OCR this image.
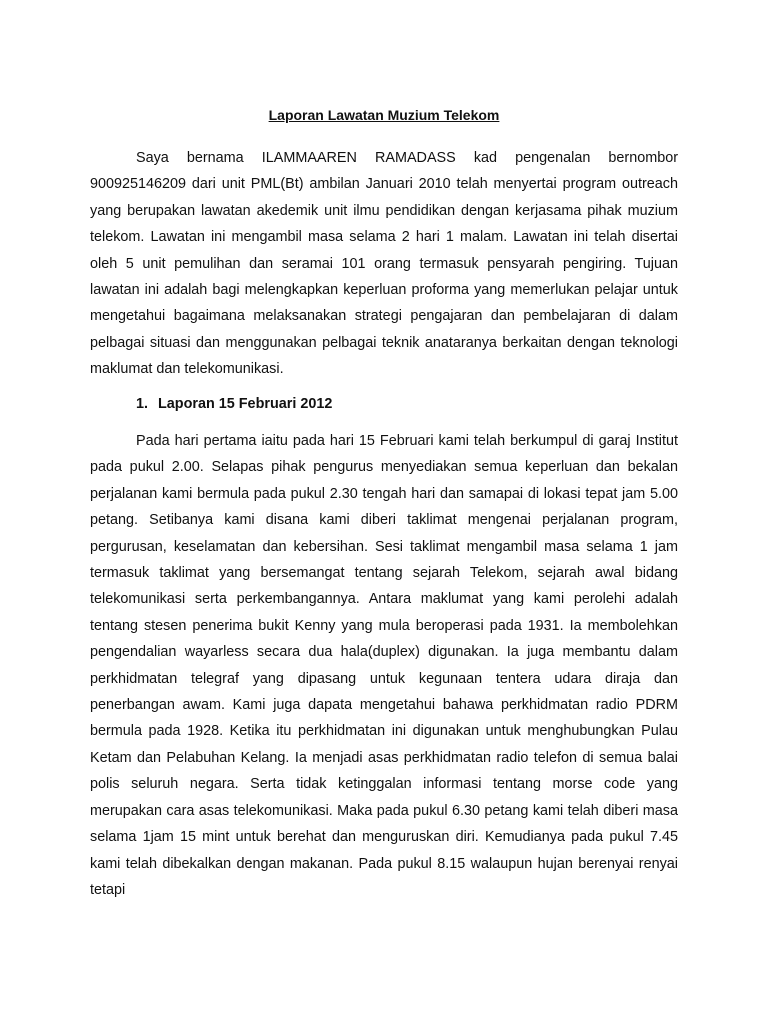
Laporan Lawatan Muzium Telekom

Saya bernama ILAMMAAREN RAMADASS kad pengenalan bernombor 900925146209 dari unit PML(Bt) ambilan Januari 2010 telah menyertai program outreach yang berupakan lawatan akedemik unit ilmu pendidikan dengan kerjasama pihak muzium telekom. Lawatan ini mengambil masa selama 2 hari 1 malam. Lawatan ini telah disertai oleh 5 unit pemulihan dan seramai 101 orang termasuk pensyarah pengiring. Tujuan lawatan ini adalah bagi melengkapkan keperluan proforma yang memerlukan pelajar untuk mengetahui bagaimana melaksanakan strategi pengajaran dan pembelajaran di dalam pelbagai situasi dan menggunakan pelbagai teknik anataranya berkaitan dengan teknologi maklumat dan telekomunikasi.

1. Laporan 15 Februari 2012

Pada hari pertama iaitu pada hari 15 Februari kami telah berkumpul di garaj Institut pada pukul 2.00. Selapas pihak pengurus menyediakan semua keperluan dan bekalan perjalanan kami bermula pada pukul 2.30 tengah hari dan samapai di lokasi tepat jam 5.00 petang. Setibanya kami disana kami diberi taklimat mengenai perjalanan program, pergurusan, keselamatan dan kebersihan. Sesi taklimat mengambil masa selama 1 jam termasuk taklimat yang bersemangat tentang sejarah Telekom, sejarah awal bidang telekomunikasi serta perkembangannya. Antara maklumat yang kami perolehi adalah tentang stesen penerima bukit Kenny yang mula beroperasi pada 1931. Ia membolehkan pengendalian wayarless secara dua hala(duplex) digunakan. Ia juga membantu dalam perkhidmatan telegraf yang dipasang untuk kegunaan tentera udara diraja dan penerbangan awam. Kami juga dapata mengetahui bahawa perkhidmatan radio PDRM bermula pada 1928. Ketika itu perkhidmatan ini digunakan untuk menghubungkan Pulau Ketam dan Pelabuhan Kelang. Ia menjadi asas perkhidmatan radio telefon di semua balai polis seluruh negara. Serta tidak ketinggalan informasi tentang morse code yang merupakan cara asas telekomunikasi. Maka pada pukul 6.30 petang kami telah diberi masa selama 1jam 15 mint untuk berehat dan menguruskan diri. Kemudianya pada pukul 7.45 kami telah dibekalkan dengan makanan. Pada pukul 8.15 walaupun hujan berenyai renyai tetapi
